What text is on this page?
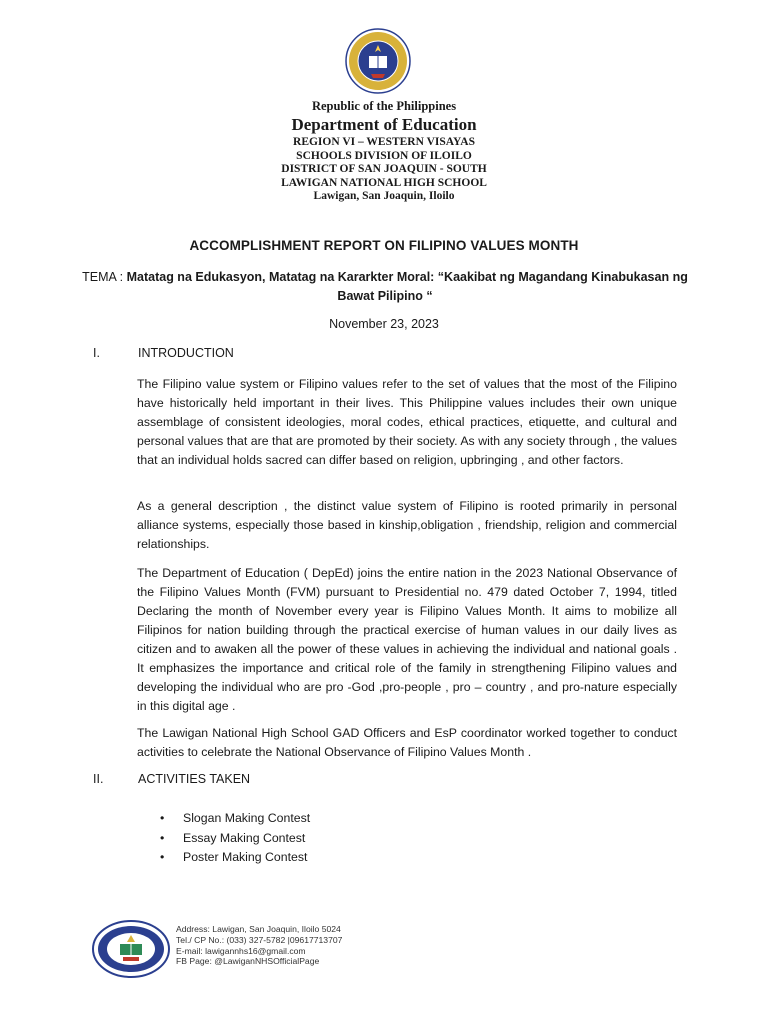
Republic of the Philippines
Department of Education
REGION VI – WESTERN VISAYAS
SCHOOLS DIVISION OF ILOILO
DISTRICT OF SAN JOAQUIN - SOUTH
LAWIGAN NATIONAL HIGH SCHOOL
Lawigan, San Joaquin, Iloilo
ACCOMPLISHMENT REPORT ON FILIPINO VALUES MONTH
TEMA : Matatag na Edukasyon, Matatag na Kararkter Moral: “Kaakibat ng Magandang Kinabukasan ng Bawat Pilipino “
November 23, 2023
I.	INTRODUCTION

The Filipino value system or Filipino values refer to the set of values that the most of the Filipino have historically held important in their lives. This Philippine values includes their own unique assemblage of consistent ideologies, moral codes, ethical practices, etiquette, and cultural and personal values that are that are promoted by their society. As with any society through , the values that an individual holds sacred can differ based on religion, upbringing , and other factors.

As a general description , the distinct value system of Filipino is rooted primarily in personal alliance systems, especially those based in kinship,obligation , friendship, religion and commercial relationships.

The Department of Education ( DepEd) joins the entire nation in the 2023 National Observance of the Filipino Values Month (FVM) pursuant to Presidential no. 479 dated October 7, 1994, titled Declaring the month of November every year is Filipino Values Month. It aims to mobilize all Filipinos for nation building through the practical exercise of human values in our daily lives as citizen and to awaken all the power of these values in achieving the individual and national goals . It emphasizes the importance and critical role of the family in strengthening Filipino values and developing the individual who are pro -God ,pro-people , pro – country , and pro-nature especially in this digital age .

The Lawigan National High School GAD Officers and EsP coordinator worked together to conduct activities to celebrate the National Observance of Filipino Values Month .

II.	ACTIVITIES TAKEN
• Slogan Making Contest
• Essay Making Contest
• Poster Making Contest
Address: Lawigan, San Joaquin, Iloilo 5024
Tel./ CP No.: (033) 327-5782 |09617713707
E-mail: lawigannhs16@gmail.com
FB Page: @LawiganNHSOfficialPage
